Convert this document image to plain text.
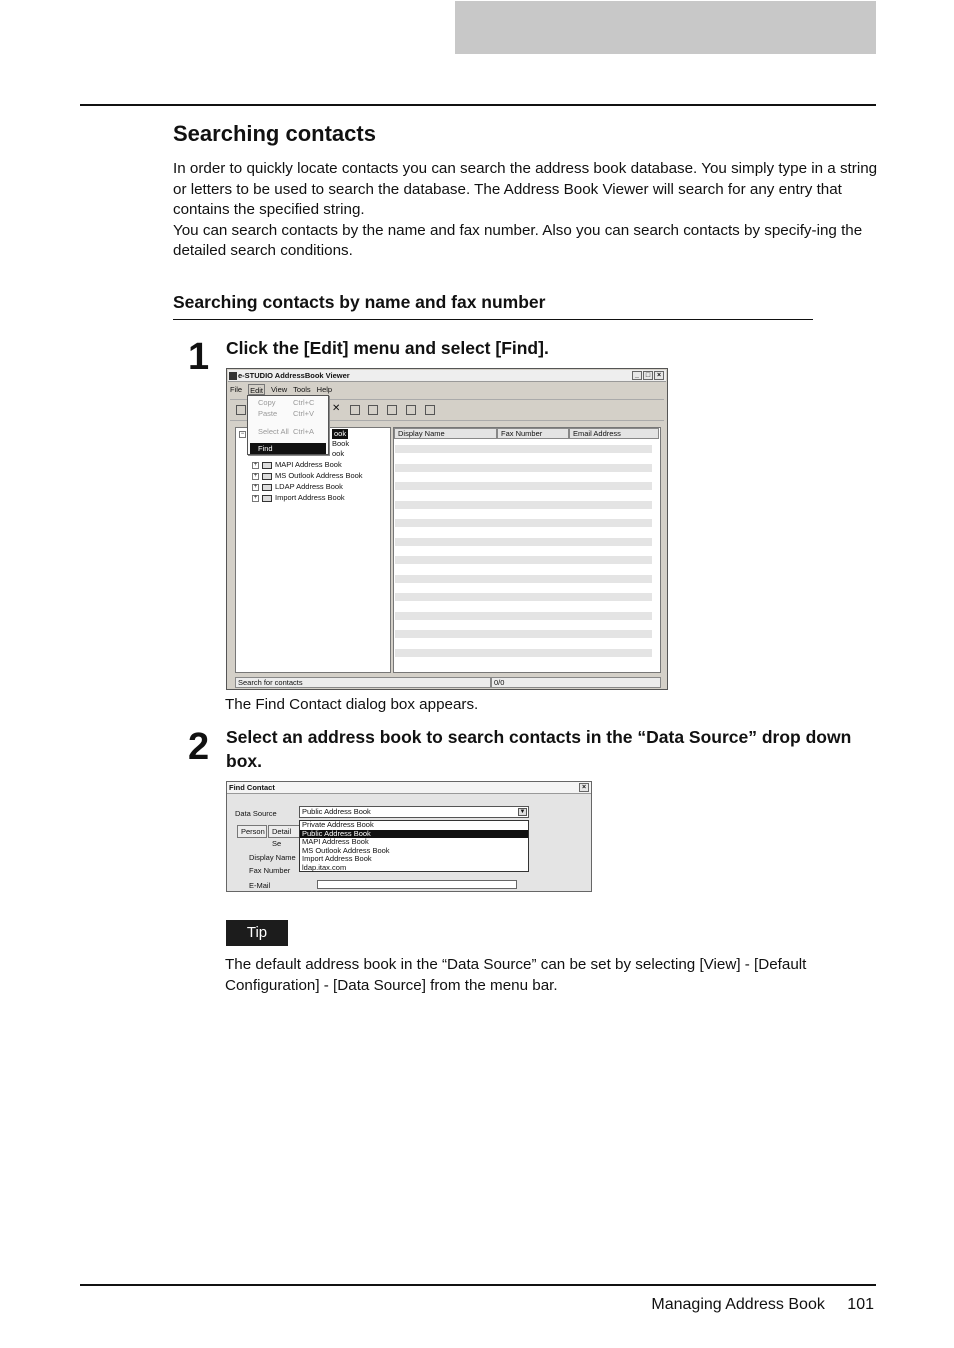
Searching contacts

In order to quickly locate contacts you can search the address book database. You simply type in a string or letters to be used to search the database. The Address Book Viewer will search for any entry that contains the specified string.

You can search contacts by the name and fax number. Also you can search contacts by specify-ing the detailed search conditions.

Searching contacts by name and fax number
1 Click the [Edit] menu and select [Find].
e-STUDIO AddressBook Viewer	_ □ ×
File Edit View Tools Help
✕
−	ook
Book
ook
+ MAPI Address Book
+ MS Outlook Address Book
+ LDAP Address Book
+ Import Address Book
Display Name	Fax Number	Email Address
Search for contacts	0/0
Copy Ctrl+C
Paste Ctrl+V
Select All Ctrl+A
Find
The Find Contact dialog box appears.
2 Select an address book to search contacts in the “Data Source” drop down box.
Find Contact	×
Data Source	Public Address Book	▼
Person Detail Se
Display Name
Fax Number
E-Mail
Private Address Book
Public Address Book
MAPI Address Book
MS Outlook Address Book
Import Address Book
ldap.itax.com
Tip
The default address book in the “Data Source” can be set by selecting [View] - [Default Configuration] - [Data Source] from the menu bar.
Managing Address Book 101
